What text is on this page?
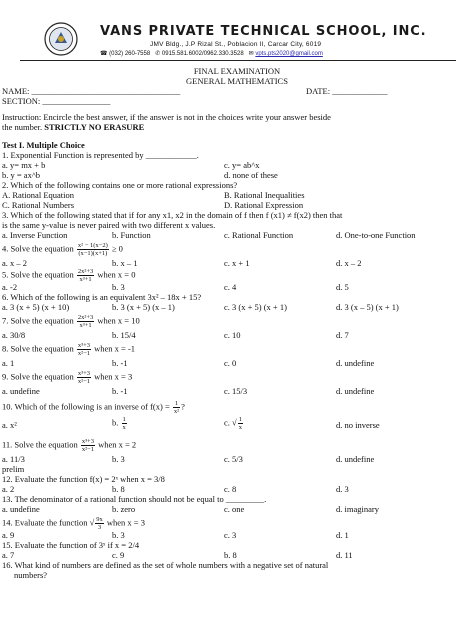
VANS PRIVATE TECHNICAL SCHOOL, INC.
JMV Bldg., J.P Rizal St., Poblacion II, Carcar City, 6019
☎ (032) 260-7558 ✆ 0915.581.6002/0962.330.3528 ✉ vpts.pts2020@gmail.com
FINAL EXAMINATION
GENERAL MATHEMATICS
NAME: ___________________________________	DATE: _____________
SECTION: ________________
Instruction: Encircle the best answer, if the answer is not in the choices write your answer beside
the number. STRICTLY NO ERASURE
Test I. Multiple Choice
1. Exponential Function is represented by ____________.
a. y= mx + b	c. y= ab^x
b. y = ax^b	d. none of these
2. Which of the following contains one or more rational expressions?
A. Rational Equation	B. Rational Inequalities
C. Rational Numbers	D. Rational Expression
3. Which of the following stated that if for any x1, x2 in the domain of f then f (x1) ≠ f(x2) then that
is the same y-value is never paired with two different x values.
a. Inverse Function	b. Function	c. Rational Function	d. One-to-one Function
4. Solve the equation $\frac{\text{x² − 1(x−2)}}{(x-1)(x+1)} \ge 0$
a. x – 2	b. x – 1	c. x + 1	d. x – 2
5. Solve the equation $\frac{\text{2x²+3}}{\text{x³+1}}$ when x = 0
a. -2	b. 3	c. 4	d. 5
6. Which of the following is an equivalent 3x² – 18x + 15?
a. 3 (x + 5) (x + 10)	b. 3 (x + 5) (x – 1)	c. 3 (x + 5) (x + 1)	d. 3 (x – 5) (x + 1)
7. Solve the equation $\frac{\text{2x²+3}}{\text{x³+1}}$ when x = 10
a. 30/8	b. 15/4	c. 10	d. 7
8. Solve the equation $\frac{\text{x³+3}}{\text{x²−1}}$ when x = -1
a. 1	b. -1	c. 0	d. undefine
9. Solve the equation $\frac{\text{x³+3}}{\text{x²−1}}$ when x = 3
a. undefine	b. -1	c. 15/3	d. undefine
10. Which of the following is an inverse of $f(x) = \frac{1}{\text{x²}}$ ?
a. x²	b. $\frac{1}{x}$	c. √ $\frac{1}{x}$	d. no inverse
11. Solve the equation $\frac{\text{x³+3}}{\text{x²−1}}$ when x = 2
a. 11/3	b. 3	c. 5/3	d. undefine
prelim
12. Evaluate the function f(x) = 2ˣ when x = 3/8
a. 2	b. 8	c. 8	d. 3
13. The denominator of a rational function should not be equal to _________.
a. undefine	b. zero	c. one	d. imaginary
14. Evaluate the function √ $\frac{9x}{3}$ when x = 3
a. 9	b. 3	c. 3	d. 1
15. Evaluate the function of 3ˣ if x = 2/4
a. 7	c. 9	b. 8	d. 11
16. What kind of numbers are defined as the set of whole numbers with a negative set of natural
numbers?
